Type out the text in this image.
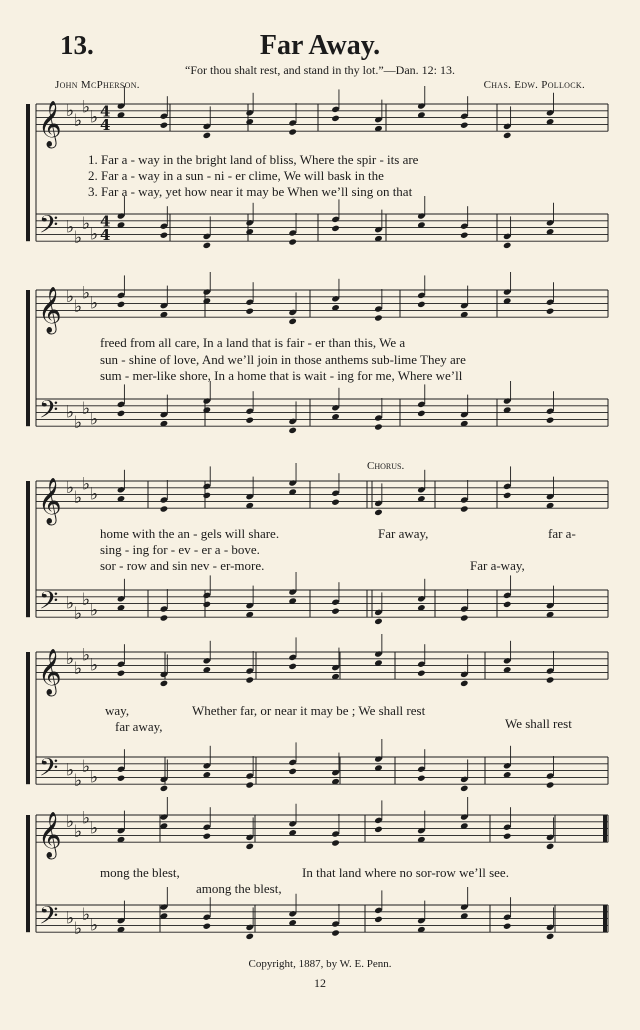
13.	Far Away.
“For thou shalt rest, and stand in thy lot.”—Dan. 12: 13.
John McPherson.	Chas. Edw. Pollock.
𝄞 ♭
♭
♭
♭ 4
4
𝄢 ♭
♭
♭
♭
4
4
𝄞 ♭
♭
♭
♭
𝄢 ♭
♭
♭
♭
𝄞 ♭
♭
♭
♭
𝄢 ♭
♭
♭
♭
𝄞 ♭
♭
♭
♭
𝄢 ♭
♭
♭
♭
𝄞 ♭
♭
♭
♭
𝄢 ♭
♭
♭
♭
1. Far a - way in the bright land of bliss, Where the spir - its are
2. Far a - way in a sun - ni - er clime, We will bask in the
3. Far a - way, yet how near it may be When we’ll sing on that
freed from all care, In a land that is fair - er than this, We a
sun - shine of love, And we’ll join in those anthems sub-lime They are
sum - mer-like shore, In a home that is wait - ing for me, Where we’ll
Chorus.
home with the an - gels will share.
sing - ing for - ev - er a - bove.
sor - row and sin nev - er-more.
Far away,	far a-
Far a-way,
way,	Whether far, or near it may be ; We shall rest
far away,	We shall rest
mong the blest,	In that land where no sor-row we’ll see.
among the blest,
Copyright, 1887, by W. E. Penn.
12
